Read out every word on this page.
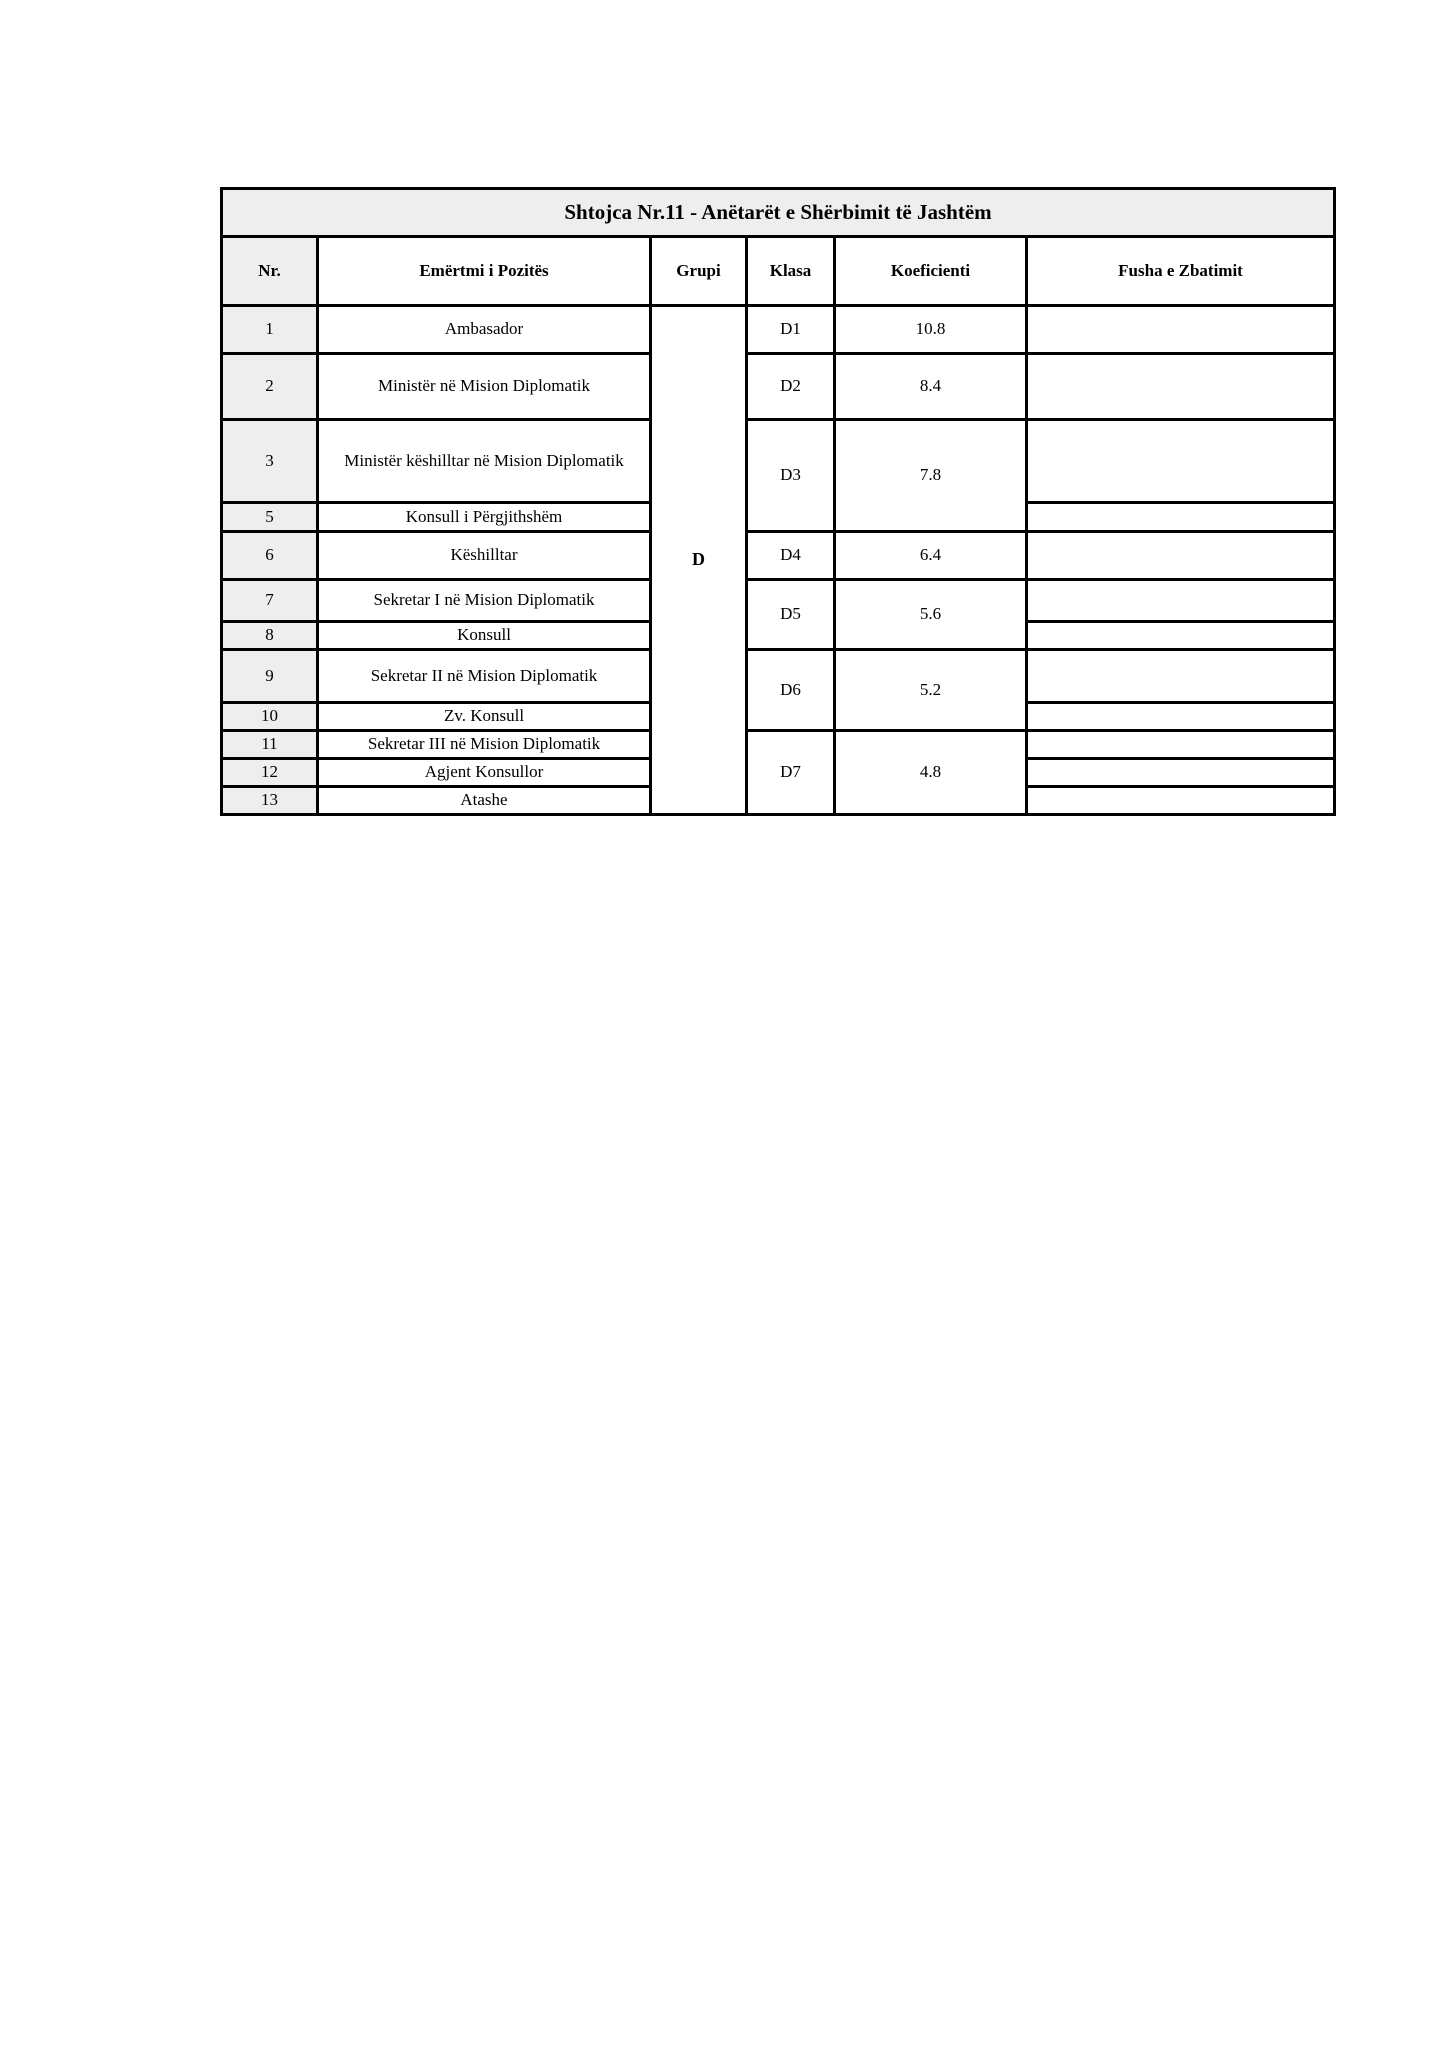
Shtojca Nr.11 - Anëtarët e Shërbimit të Jashtëm					
Nr.	Emërtmi i Pozitës	Grupi	Klasa	Koeficienti	Fusha e Zbatimit
1	Ambasador	D	D1	10.8	
2	Ministër në Mision Diplomatik		D2	8.4	
3	Ministër këshilltar në Mision Diplomatik		D3	7.8	
5	Konsull i Përgjithshëm				
6	Këshilltar		D4	6.4	
7	Sekretar I në Mision Diplomatik		D5	5.6	
8	Konsull				
9	Sekretar II në Mision Diplomatik		D6	5.2	
10	Zv. Konsull				
11	Sekretar III në Mision Diplomatik		D7	4.8	
12	Agjent Konsullor				
13	Atashe				
